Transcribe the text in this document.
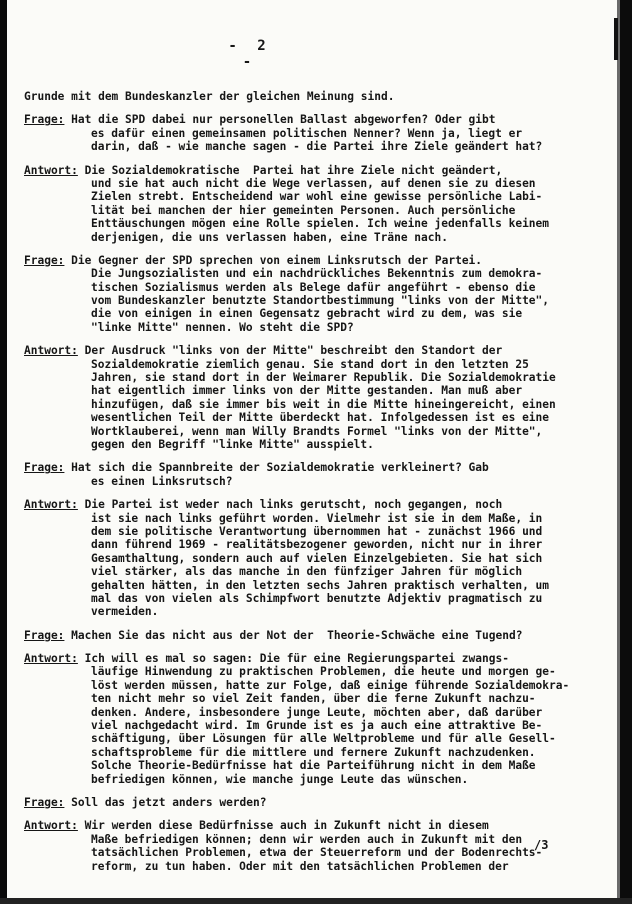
- 2 -
Grunde mit dem Bundeskanzler der gleichen Meinung sind.
Frage: Hat die SPD dabei nur personellen Ballast abgeworfen? Oder gibt
es dafür einen gemeinsamen politischen Nenner? Wenn ja, liegt er
darin, daß - wie manche sagen - die Partei ihre Ziele geändert hat?
Antwort: Die Sozialdemokratische  Partei hat ihre Ziele nicht geändert,
und sie hat auch nicht die Wege verlassen, auf denen sie zu diesen
Zielen strebt. Entscheidend war wohl eine gewisse persönliche Labi-
lität bei manchen der hier gemeinten Personen. Auch persönliche
Enttäuschungen mögen eine Rolle spielen. Ich weine jedenfalls keinem
derjenigen, die uns verlassen haben, eine Träne nach.
Frage: Die Gegner der SPD sprechen von einem Linksrutsch der Partei.
Die Jungsozialisten und ein nachdrückliches Bekenntnis zum demokra-
tischen Sozialismus werden als Belege dafür angeführt - ebenso die
vom Bundeskanzler benutzte Standortbestimmung "links von der Mitte",
die von einigen in einen Gegensatz gebracht wird zu dem, was sie
"linke Mitte" nennen. Wo steht die SPD?
Antwort: Der Ausdruck "links von der Mitte" beschreibt den Standort der
Sozialdemokratie ziemlich genau. Sie stand dort in den letzten 25
Jahren, sie stand dort in der Weimarer Republik. Die Sozialdemokratie
hat eigentlich immer links von der Mitte gestanden. Man muß aber
hinzufügen, daß sie immer bis weit in die Mitte hineingereicht, einen
wesentlichen Teil der Mitte überdeckt hat. Infolgedessen ist es eine
Wortklauberei, wenn man Willy Brandts Formel "links von der Mitte",
gegen den Begriff "linke Mitte" ausspielt.
Frage: Hat sich die Spannbreite der Sozialdemokratie verkleinert? Gab
es einen Linksrutsch?
Antwort: Die Partei ist weder nach links gerutscht, noch gegangen, noch
ist sie nach links geführt worden. Vielmehr ist sie in dem Maße, in
dem sie politische Verantwortung übernommen hat - zunächst 1966 und
dann führend 1969 - realitätsbezogener geworden, nicht nur in ihrer
Gesamthaltung, sondern auch auf vielen Einzelgebieten. Sie hat sich
viel stärker, als das manche in den fünfziger Jahren für möglich
gehalten hätten, in den letzten sechs Jahren praktisch verhalten, um
mal das von vielen als Schimpfwort benutzte Adjektiv pragmatisch zu
vermeiden.
Frage: Machen Sie das nicht aus der Not der  Theorie-Schwäche eine Tugend?
Antwort: Ich will es mal so sagen: Die für eine Regierungspartei zwangs-
läufige Hinwendung zu praktischen Problemen, die heute und morgen ge-
löst werden müssen, hatte zur Folge, daß einige führende Sozialdemokra-
ten nicht mehr so viel Zeit fanden, über die ferne Zukunft nachzu-
denken. Andere, insbesondere junge Leute, möchten aber, daß darüber
viel nachgedacht wird. Im Grunde ist es ja auch eine attraktive Be-
schäftigung, über Lösungen für alle Weltprobleme und für alle Gesell-
schaftsprobleme für die mittlere und fernere Zukunft nachzudenken.
Solche Theorie-Bedürfnisse hat die Parteiführung nicht in dem Maße
befriedigen können, wie manche junge Leute das wünschen.
Frage: Soll das jetzt anders werden?
Antwort: Wir werden diese Bedürfnisse auch in Zukunft nicht in diesem
Maße befriedigen können; denn wir werden auch in Zukunft mit den
tatsächlichen Problemen, etwa der Steuerreform und der Bodenrechts-
reform, zu tun haben. Oder mit den tatsächlichen Problemen der
/3
